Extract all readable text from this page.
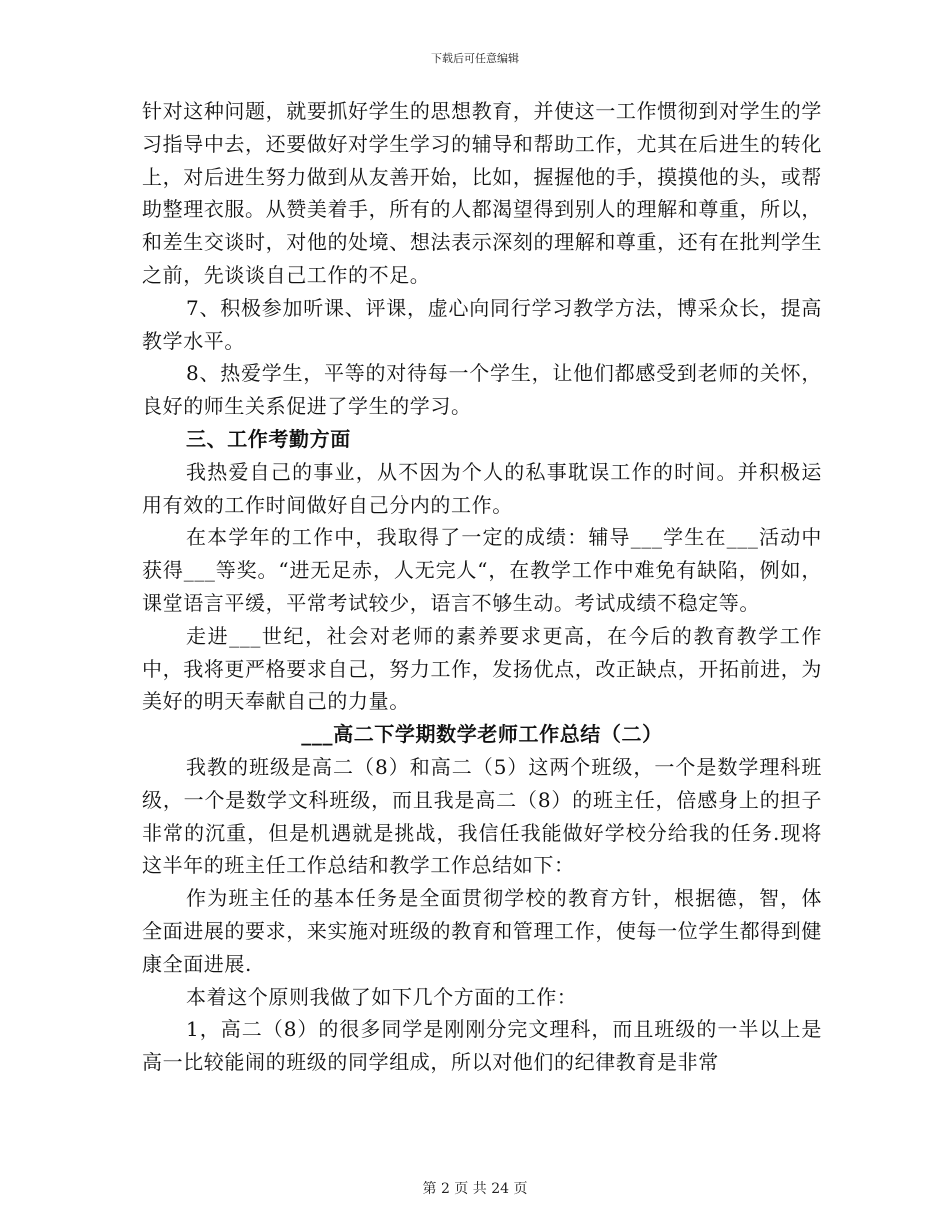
下载后可任意编辑

针对这种问题，就要抓好学生的思想教育，并使这一工作惯彻到对学生的学习指导中去，还要做好对学生学习的辅导和帮助工作，尤其在后进生的转化上，对后进生努力做到从友善开始，比如，握握他的手，摸摸他的头，或帮助整理衣服。从赞美着手，所有的人都渴望得到别人的理解和尊重，所以，和差生交谈时，对他的处境、想法表示深刻的理解和尊重，还有在批判学生之前，先谈谈自己工作的不足。

7、积极参加听课、评课，虚心向同行学习教学方法，博采众长，提高教学水平。

8、热爱学生，平等的对待每一个学生，让他们都感受到老师的关怀，良好的师生关系促进了学生的学习。

三、工作考勤方面

我热爱自己的事业，从不因为个人的私事耽误工作的时间。并积极运用有效的工作时间做好自己分内的工作。

在本学年的工作中，我取得了一定的成绩：辅导___学生在___活动中获得___等奖。“进无足赤，人无完人“，在教学工作中难免有缺陷，例如，课堂语言平缓，平常考试较少，语言不够生动。考试成绩不稳定等。

走进___世纪，社会对老师的素养要求更高，在今后的教育教学工作中，我将更严格要求自己，努力工作，发扬优点，改正缺点，开拓前进，为美好的明天奉献自己的力量。

___高二下学期数学老师工作总结（二）

我教的班级是高二（8）和高二（5）这两个班级，一个是数学理科班级，一个是数学文科班级，而且我是高二（8）的班主任，倍感身上的担子非常的沉重，但是机遇就是挑战，我信任我能做好学校分给我的任务.现将这半年的班主任工作总结和教学工作总结如下：

作为班主任的基本任务是全面贯彻学校的教育方针，根据德，智，体全面进展的要求，来实施对班级的教育和管理工作，使每一位学生都得到健康全面进展.

本着这个原则我做了如下几个方面的工作：

1，高二（8）的很多同学是刚刚分完文理科，而且班级的一半以上是高一比较能闹的班级的同学组成，所以对他们的纪律教育是非常

第 2 页 共 24 页
